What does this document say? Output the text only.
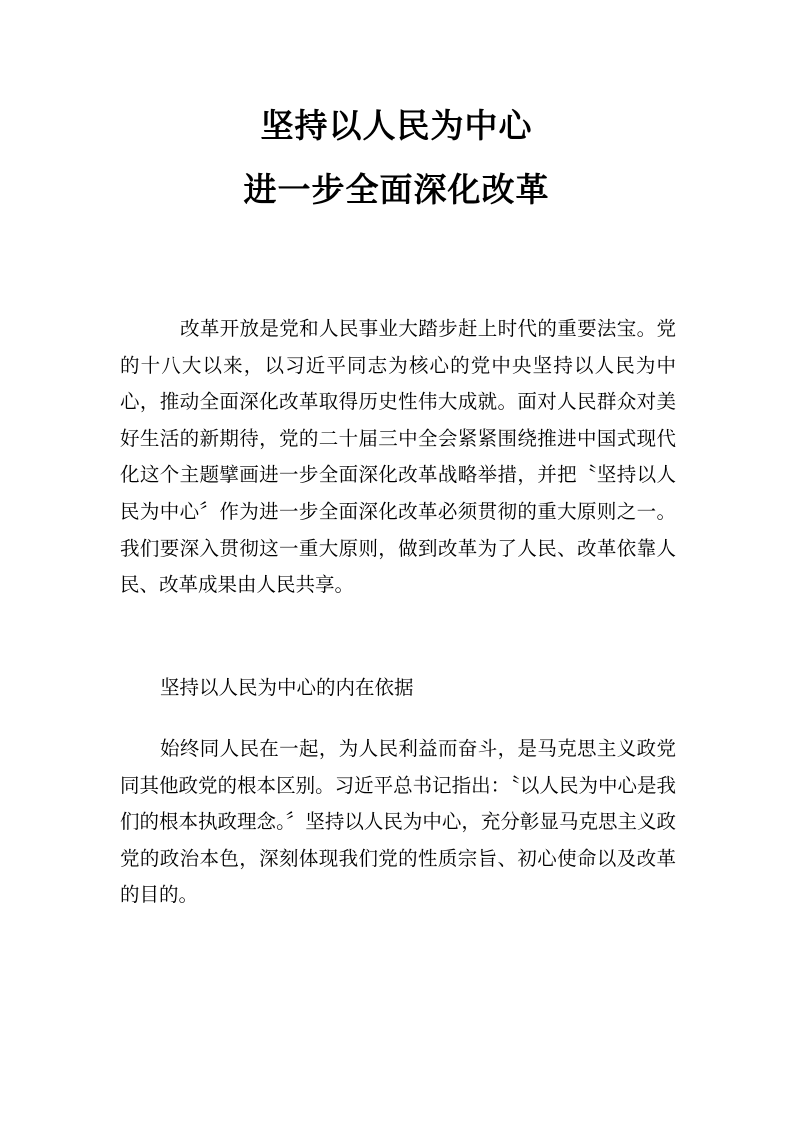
坚持以人民为中心
进一步全面深化改革

改革开放是党和人民事业大踏步赶上时代的重要法宝。党的十八大以来，以习近平同志为核心的党中央坚持以人民为中心，推动全面深化改革取得历史性伟大成就。面对人民群众对美好生活的新期待，党的二十届三中全会紧紧围绕推进中国式现代化这个主题擘画进一步全面深化改革战略举措，并把〝坚持以人民为中心〞作为进一步全面深化改革必须贯彻的重大原则之一。我们要深入贯彻这一重大原则，做到改革为了人民、改革依靠人民、改革成果由人民共享。

坚持以人民为中心的内在依据

始终同人民在一起，为人民利益而奋斗，是马克思主义政党同其他政党的根本区别。习近平总书记指出：〝以人民为中心是我们的根本执政理念。〞坚持以人民为中心，充分彰显马克思主义政党的政治本色，深刻体现我们党的性质宗旨、初心使命以及改革的目的。
